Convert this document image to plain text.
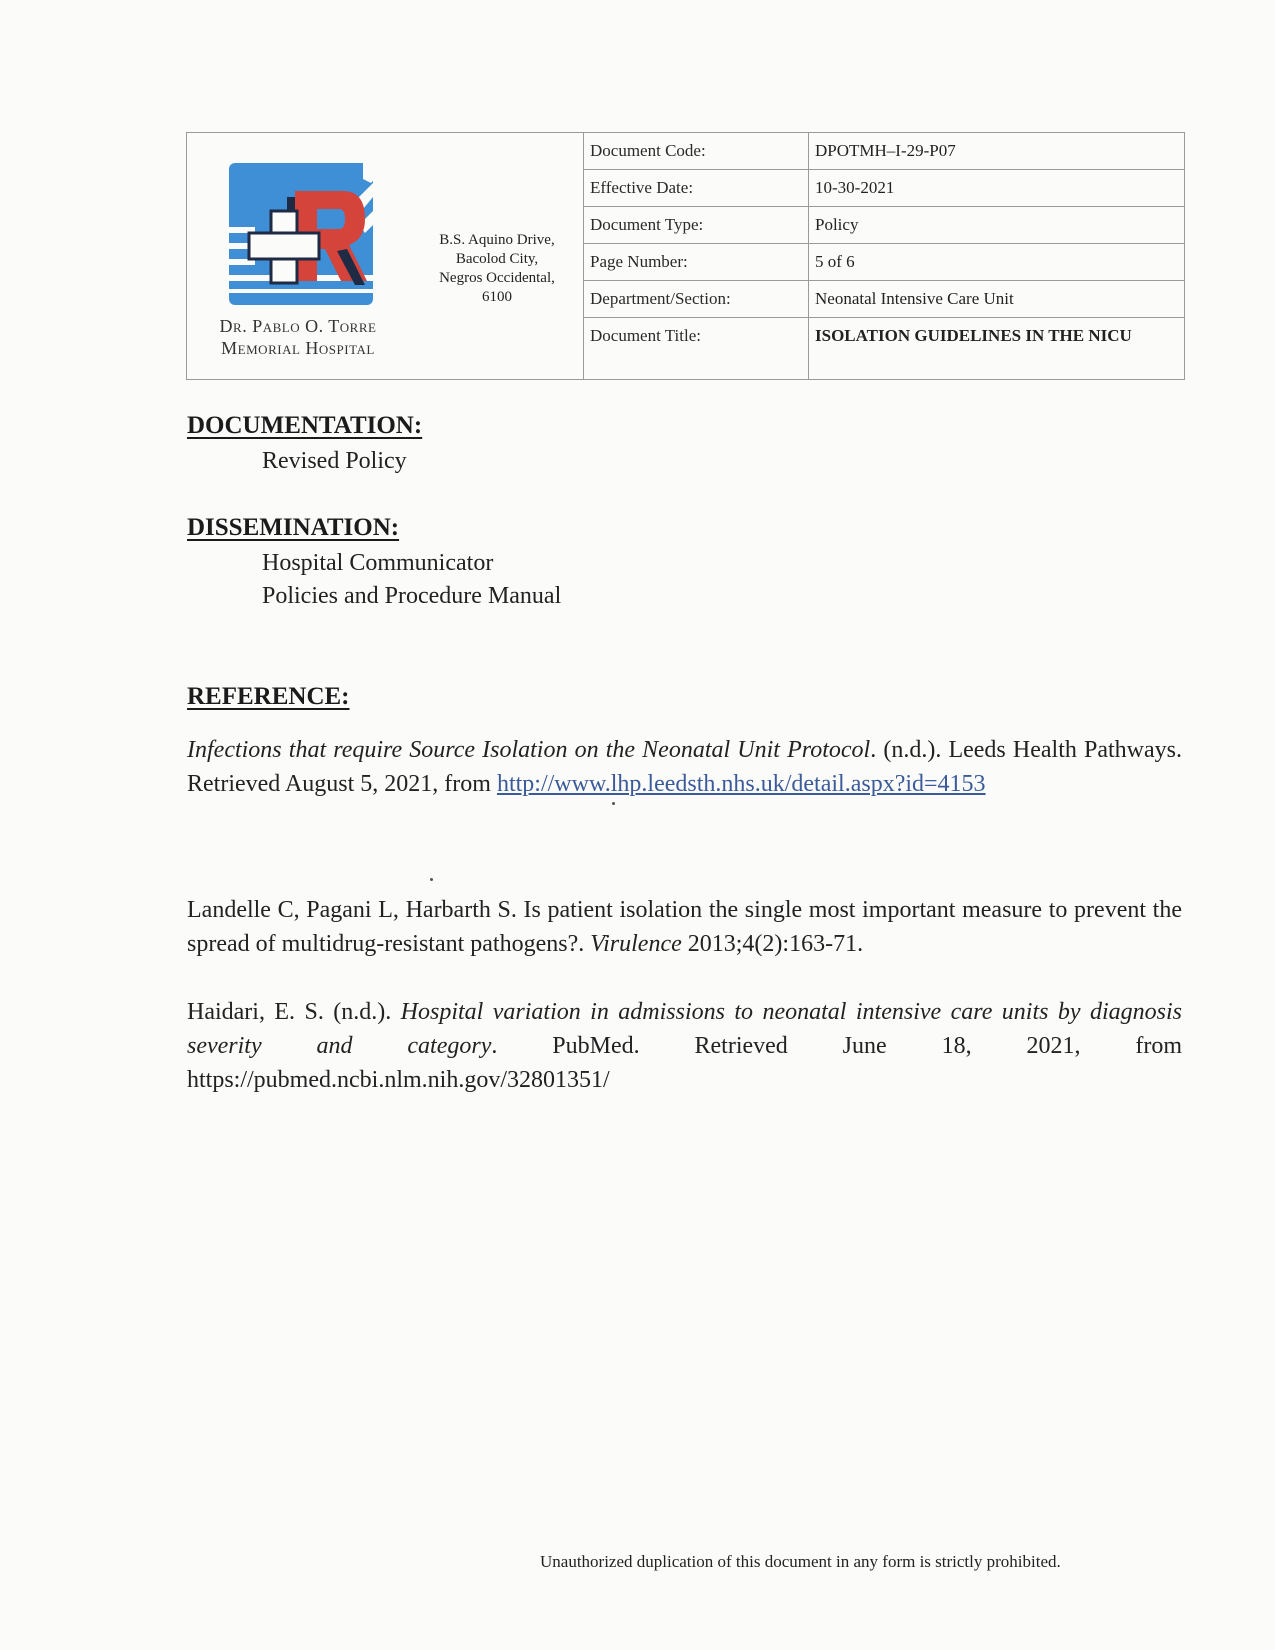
Dr. Pablo O. Torre
Memorial Hospital
B.S. Aquino Drive,
Bacolod City,
Negros Occidental,
6100
Document Code:	DPOTMH–I-29-P07
Effective Date:	10-30-2021
Document Type:	Policy
Page Number:	5 of 6
Department/Section:	Neonatal Intensive Care Unit
Document Title:	ISOLATION GUIDELINES IN THE NICU
DOCUMENTATION:
Revised Policy
DISSEMINATION:
Hospital Communicator
Policies and Procedure Manual
REFERENCE:
Infections that require Source Isolation on the Neonatal Unit Protocol. (n.d.). Leeds Health Pathways. Retrieved August 5, 2021, from http://www.lhp.leedsth.nhs.uk/detail.aspx?id=4153
Landelle C, Pagani L, Harbarth S. Is patient isolation the single most important measure to prevent the spread of multidrug-resistant pathogens?. Virulence 2013;4(2):163-71.
Haidari, E. S. (n.d.). Hospital variation in admissions to neonatal intensive care units by diagnosis severity and category. PubMed. Retrieved June 18, 2021, from https://pubmed.ncbi.nlm.nih.gov/32801351/
Unauthorized duplication of this document in any form is strictly prohibited.
